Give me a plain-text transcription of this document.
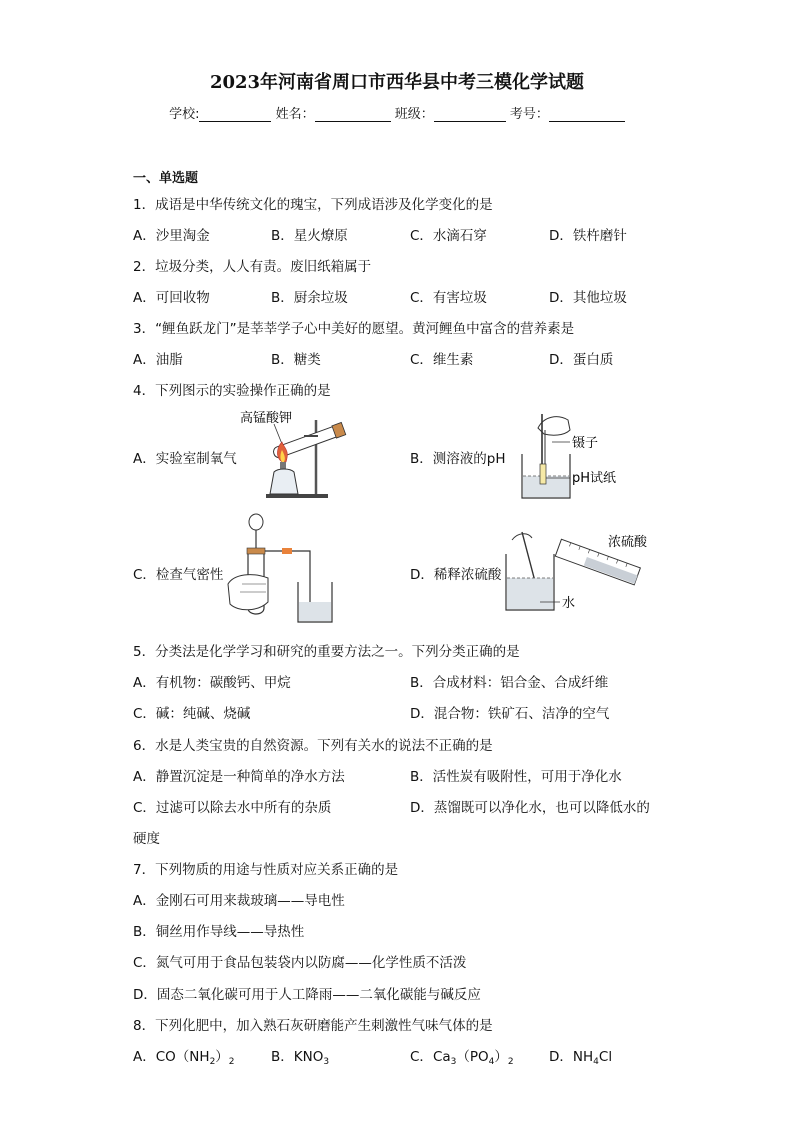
2023年河南省周口市西华县中考三模化学试题
学校:	姓名：	班级：	考号：
一、单选题
1．成语是中华传统文化的瑰宝，下列成语涉及化学变化的是
A．沙里淘金	B．星火燎原	C．水滴石穿	D．铁杵磨针
2．垃圾分类，人人有责。废旧纸箱属于
A．可回收物	B．厨余垃圾	C．有害垃圾	D．其他垃圾
3．“鲤鱼跃龙门”是莘莘学子心中美好的愿望。黄河鲤鱼中富含的营养素是
A．油脂	B．糖类	C．维生素	D．蛋白质
4．下列图示的实验操作正确的是
高锰酸钾
A．实验室制氧气
镊子
pH试纸
B．测溶液的pH
C．检查气密性
浓硫酸
水
D．稀释浓硫酸
5．分类法是化学学习和研究的重要方法之一。下列分类正确的是
A．有机物：碳酸钙、甲烷	B．合成材料：铝合金、合成纤维
C．碱：纯碱、烧碱	D．混合物：铁矿石、洁净的空气
6．水是人类宝贵的自然资源。下列有关水的说法不正确的是
A．静置沉淀是一种简单的净水方法	B．活性炭有吸附性，可用于净化水
C．过滤可以除去水中所有的杂质	D．蒸馏既可以净化水，也可以降低水的
硬度
7．下列物质的用途与性质对应关系正确的是
A．金刚石可用来裁玻璃——导电性
B．铜丝用作导线——导热性
C．氮气可用于食品包装袋内以防腐——化学性质不活泼
D．固态二氧化碳可用于人工降雨——二氧化碳能与碱反应
8．下列化肥中，加入熟石灰研磨能产生刺激性气味气体的是
A．$CO(NH_2)_2$	B．$KNO_3$	C．$Ca_3(PO_4)_2$	D．$NH_4Cl$
